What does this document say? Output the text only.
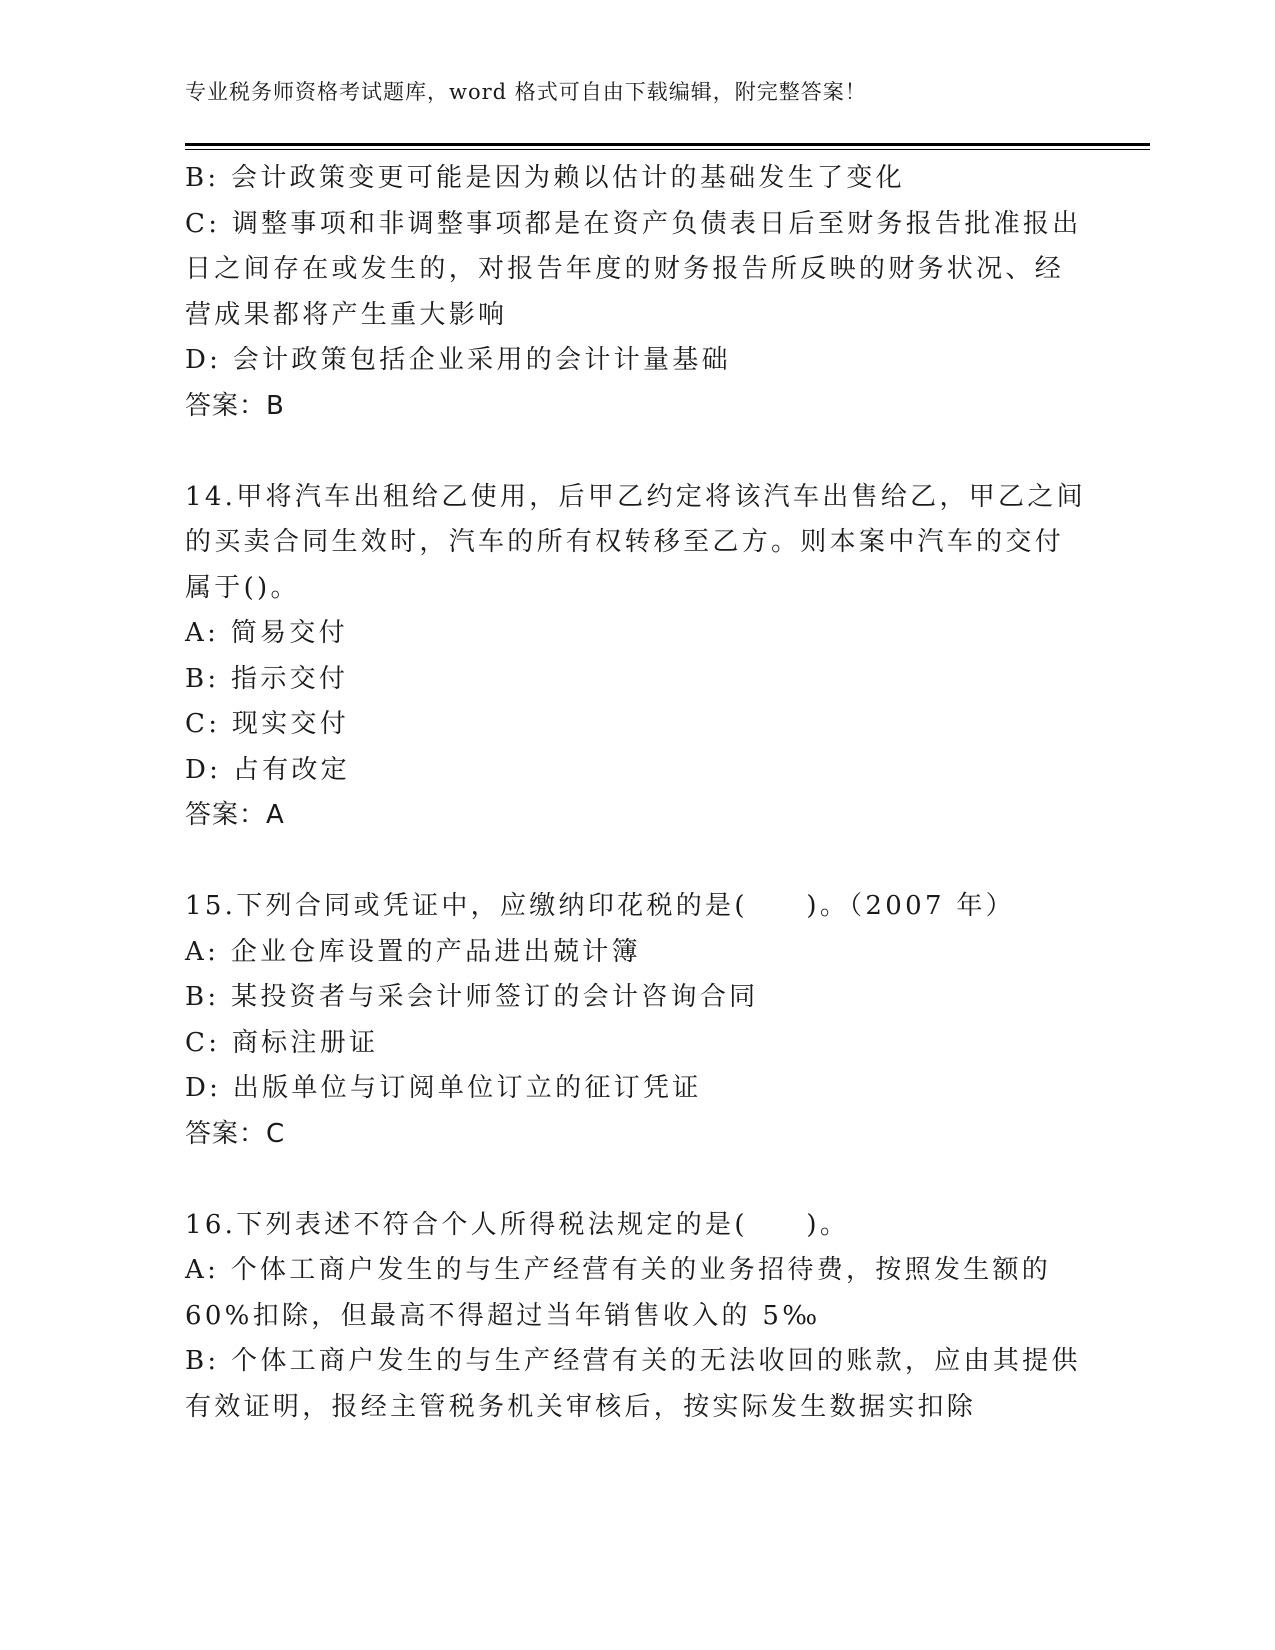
专业税务师资格考试题库，word 格式可自由下载编辑，附完整答案！
B: 会计政策变更可能是因为赖以估计的基础发生了变化
C: 调整事项和非调整事项都是在资产负债表日后至财务报告批准报出
日之间存在或发生的，对报告年度的财务报告所反映的财务状况、经
营成果都将产生重大影响
D: 会计政策包括企业采用的会计计量基础
答案：B
14.甲将汽车出租给乙使用，后甲乙约定将该汽车出售给乙，甲乙之间
的买卖合同生效时，汽车的所有权转移至乙方。则本案中汽车的交付
属于()。
A: 简易交付
B: 指示交付
C: 现实交付
D: 占有改定
答案：A
15.下列合同或凭证中，应缴纳印花税的是(　　)。（2007 年）
A: 企业仓库设置的产品进出兢计簿
B: 某投资者与采会计师签订的会计咨询合同
C: 商标注册证
D: 出版单位与订阅单位订立的征订凭证
答案：C
16.下列表述不符合个人所得税法规定的是(　　)。
A: 个体工商户发生的与生产经营有关的业务招待费，按照发生额的
60%扣除，但最高不得超过当年销售收入的 5‰
B: 个体工商户发生的与生产经营有关的无法收回的账款，应由其提供
有效证明，报经主管税务机关审核后，按实际发生数据实扣除
